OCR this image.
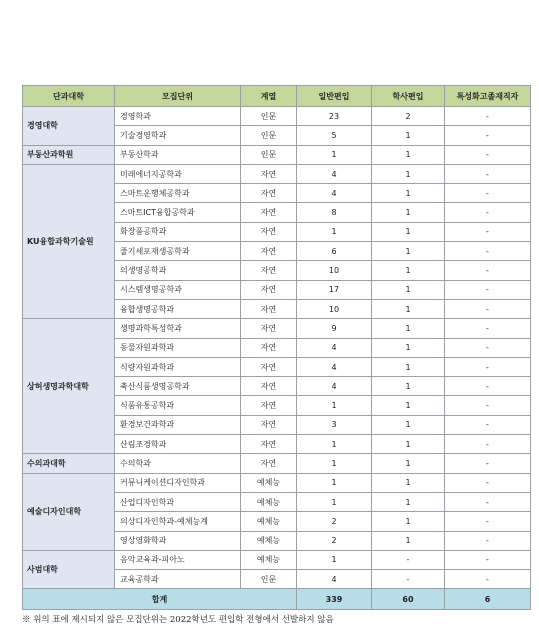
단과대학	모집단위	계열	일반편입	학사편입	특성화고졸재직자
경영대학	경영학과	인문	23	2	-
	기술경영학과	인문	5	1	-
부동산과학원	부동산학과	인문	1	1	-
KU융합과학기술원	미래에너지공학과	자연	4	1	-
	스마트운행체공학과	자연	4	1	-
	스마트ICT융합공학과	자연	8	1	-
	화장품공학과	자연	1	1	-
	줄기세포재생공학과	자연	6	1	-
	의생명공학과	자연	10	1	-
	시스템생명공학과	자연	17	1	-
	융합생명공학과	자연	10	1	-
상허생명과학대학	생명과학특성학과	자연	9	1	-
	동물자원과학과	자연	4	1	-
	식량자원과학과	자연	4	1	-
	축산식품생명공학과	자연	4	1	-
	식품유통공학과	자연	1	1	-
	환경보건과학과	자연	3	1	-
	산림조경학과	자연	1	1	-
수의과대학	수의학과	자연	1	1	-
예술디자인대학	커뮤니케이션디자인학과	예체능	1	1	-
	산업디자인학과	예체능	1	1	-
	의상디자인학과-예체능계	예체능	2	1	-
	영상영화학과	예체능	2	1	-
사범대학	음악교육과-피아노	예체능	1	-	-
	교육공학과	인문	4	-	-
합계			339	60	6
※ 위의 표에 제시되지 않은 모집단위는 2022학년도 편입학 전형에서 선발하지 않음
